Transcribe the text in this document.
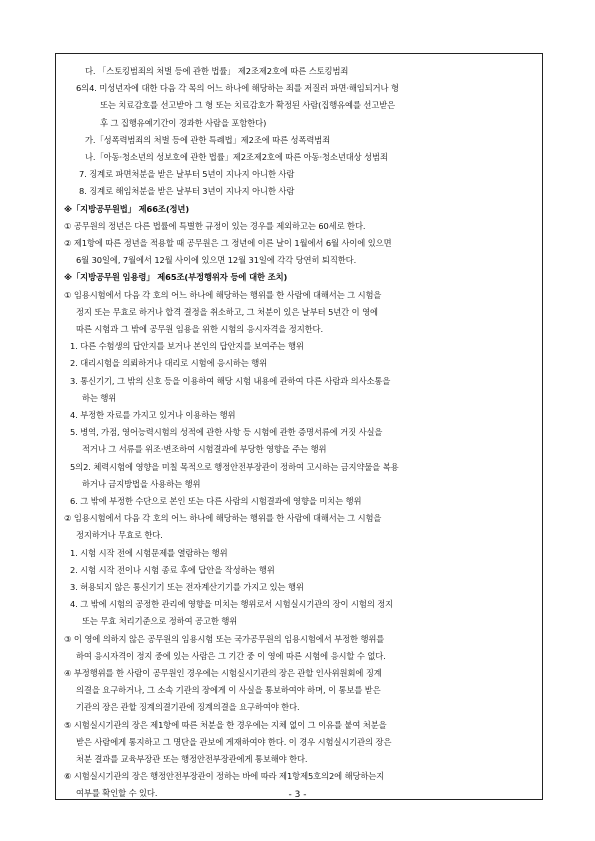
다. 「스토킹범죄의 처벌 등에 관한 법률」 제2조제2호에 따른 스토킹범죄
6의4. 미성년자에 대한 다음 각 목의 어느 하나에 해당하는 죄를 저질러 파면·해임되거나 형
또는 치료감호를 선고받아 그 형 또는 치료감호가 확정된 사람(집행유예를 선고받은
후 그 집행유예기간이 경과한 사람을 포함한다)
가.「성폭력범죄의 처벌 등에 관한 특례법」제2조에 따른 성폭력범죄
나.「아동·청소년의 성보호에 관한 법률」제2조제2호에 따른 아동·청소년대상 성범죄
7. 징계로 파면처분을 받은 날부터 5년이 지나지 아니한 사람
8. 징계로 해임처분을 받은 날부터 3년이 지나지 아니한 사람
※「지방공무원법」 제66조(정년)
① 공무원의 정년은 다른 법률에 특별한 규정이 있는 경우를 제외하고는 60세로 한다.
② 제1항에 따른 정년을 적용할 때 공무원은 그 정년에 이른 날이 1월에서 6월 사이에 있으면
6월 30일에, 7월에서 12월 사이에 있으면 12월 31일에 각각 당연히 퇴직한다.
※「지방공무원 임용령」 제65조(부정행위자 등에 대한 조치)
① 임용시험에서 다음 각 호의 어느 하나에 해당하는 행위를 한 사람에 대해서는 그 시험을
정지 또는 무효로 하거나 합격 결정을 취소하고, 그 처분이 있은 날부터 5년간 이 영에
따른 시험과 그 밖에 공무원 임용을 위한 시험의 응시자격을 정지한다.
1. 다른 수험생의 답안지를 보거나 본인의 답안지를 보여주는 행위
2. 대리시험을 의뢰하거나 대리로 시험에 응시하는 행위
3. 통신기기, 그 밖의 신호 등을 이용하여 해당 시험 내용에 관하여 다른 사람과 의사소통을
하는 행위
4. 부정한 자료를 가지고 있거나 이용하는 행위
5. 병역, 가점, 영어능력시험의 성적에 관한 사항 등 시험에 관한 증명서류에 거짓 사실을
적거나 그 서류를 위조·변조하여 시험결과에 부당한 영향을 주는 행위
5의2. 체력시험에 영향을 미칠 목적으로 행정안전부장관이 정하여 고시하는 금지약물을 복용
하거나 금지방법을 사용하는 행위
6. 그 밖에 부정한 수단으로 본인 또는 다른 사람의 시험결과에 영향을 미치는 행위
② 임용시험에서 다음 각 호의 어느 하나에 해당하는 행위를 한 사람에 대해서는 그 시험을
정지하거나 무효로 한다.
1. 시험 시작 전에 시험문제를 열람하는 행위
2. 시험 시작 전이나 시험 종료 후에 답안을 작성하는 행위
3. 허용되지 않은 통신기기 또는 전자계산기기를 가지고 있는 행위
4. 그 밖에 시험의 공정한 관리에 영향을 미치는 행위로서 시험실시기관의 장이 시험의 정지
또는 무효 처리기준으로 정하여 공고한 행위
③ 이 영에 의하지 않은 공무원의 임용시험 또는 국가공무원의 임용시험에서 부정한 행위를
하여 응시자격이 정지 중에 있는 사람은 그 기간 중 이 영에 따른 시험에 응시할 수 없다.
④ 부정행위를 한 사람이 공무원인 경우에는 시험실시기관의 장은 관할 인사위원회에 징계
의결을 요구하거나, 그 소속 기관의 장에게 이 사실을 통보하여야 하며, 이 통보를 받은
기관의 장은 관할 징계의결기관에 징계의결을 요구하여야 한다.
⑤ 시험실시기관의 장은 제1항에 따른 처분을 한 경우에는 지체 없이 그 이유를 붙여 처분을
받은 사람에게 통지하고 그 명단을 관보에 게재하여야 한다. 이 경우 시험실시기관의 장은
처분 결과를 교육부장관 또는 행정안전부장관에게 통보해야 한다.
⑥ 시험실시기관의 장은 행정안전부장관이 정하는 바에 따라 제1항제5호의2에 해당하는지
여부를 확인할 수 있다.	- 3 -
